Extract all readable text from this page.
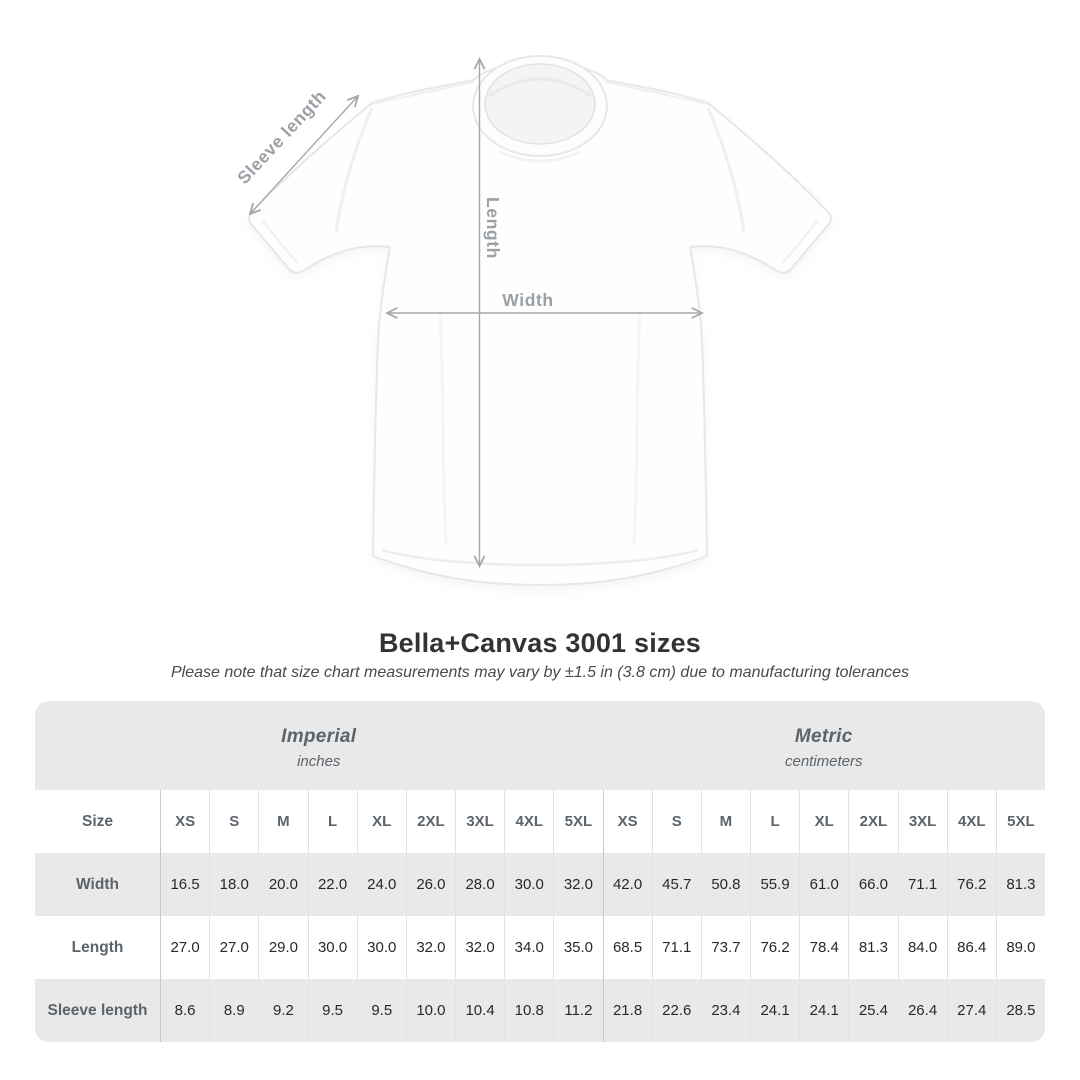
Sleeve length
Length
Width
Bella+Canvas 3001 sizes

Please note that size chart measurements may vary by ±1.5 in (3.8 cm) due to manufacturing tolerances

Imperial
inches
Metric
centimeters
Size	XS	S	M	L	XL	2XL	3XL	4XL	5XL	XS	S	M	L	XL	2XL	3XL	4XL	5XL
Width	16.5	18.0	20.0	22.0	24.0	26.0	28.0	30.0	32.0	42.0	45.7	50.8	55.9	61.0	66.0	71.1	76.2	81.3
Length	27.0	27.0	29.0	30.0	30.0	32.0	32.0	34.0	35.0	68.5	71.1	73.7	76.2	78.4	81.3	84.0	86.4	89.0
Sleeve length	8.6	8.9	9.2	9.5	9.5	10.0	10.4	10.8	11.2	21.8	22.6	23.4	24.1	24.1	25.4	26.4	27.4	28.5
